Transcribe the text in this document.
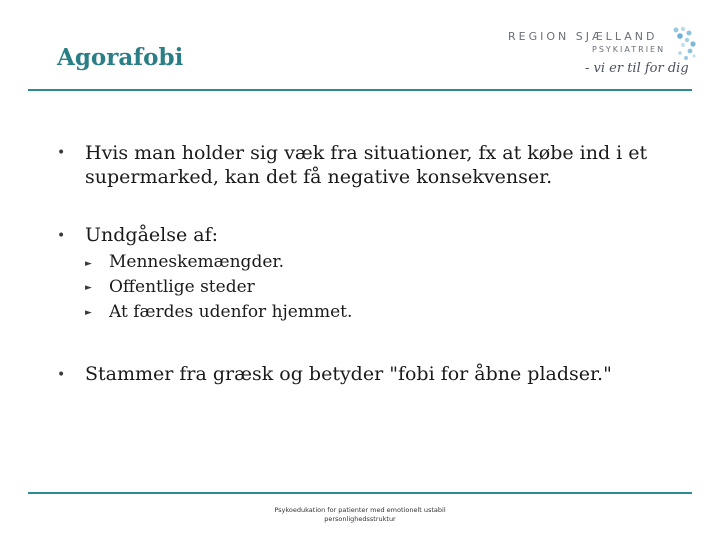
Agorafobi
REGION SJÆLLAND
PSYKIATRIEN
- vi er til for dig
• Hvis man holder sig væk fra situationer, fx at købe ind i et supermarked, kan det få negative konsekvenser.
• Undgåelse af:
► Menneskemængder.
► Offentlige steder
► At færdes udenfor hjemmet.
• Stammer fra græsk og betyder "fobi for åbne pladser."
Psykoedukation for patienter med emotionelt ustabil
personlighedsstruktur
